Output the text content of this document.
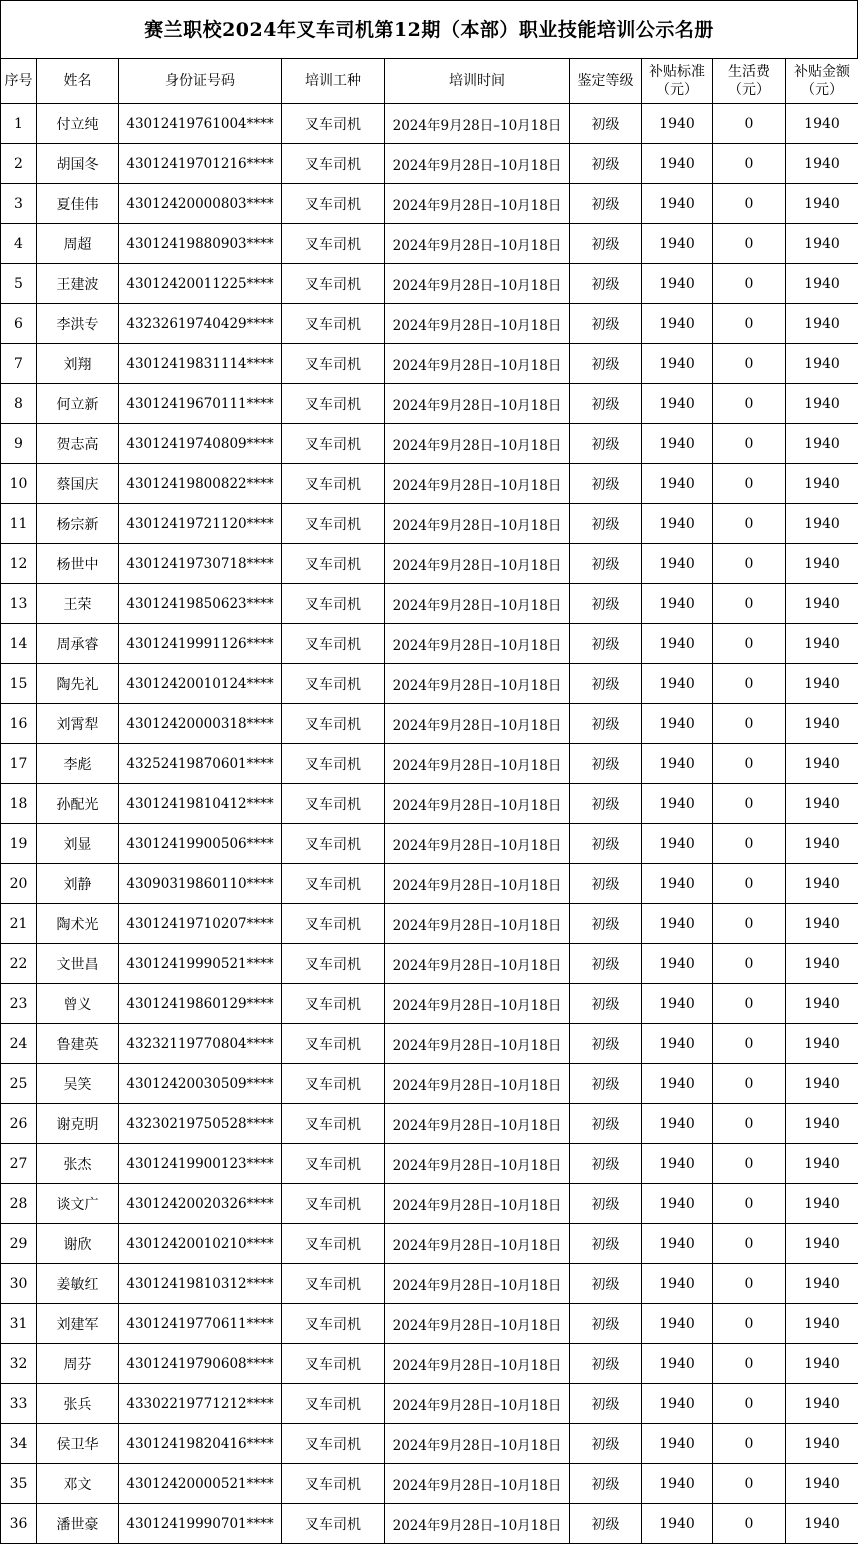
赛兰职校2024年叉车司机第12期（本部）职业技能培训公示名册
序号	姓名	身份证号码	培训工种	培训时间	鉴定等级	补贴标准（元）	生活费（元）	补贴金额（元）
1	付立纯	43012419761004****	叉车司机	2024年9月28日–10月18日	初级	1940	0	1940
2	胡国冬	43012419701216****	叉车司机	2024年9月28日–10月18日	初级	1940	0	1940
3	夏佳伟	43012420000803****	叉车司机	2024年9月28日–10月18日	初级	1940	0	1940
4	周超	43012419880903****	叉车司机	2024年9月28日–10月18日	初级	1940	0	1940
5	王建波	43012420011225****	叉车司机	2024年9月28日–10月18日	初级	1940	0	1940
6	李洪专	43232619740429****	叉车司机	2024年9月28日–10月18日	初级	1940	0	1940
7	刘翔	43012419831114****	叉车司机	2024年9月28日–10月18日	初级	1940	0	1940
8	何立新	43012419670111****	叉车司机	2024年9月28日–10月18日	初级	1940	0	1940
9	贺志高	43012419740809****	叉车司机	2024年9月28日–10月18日	初级	1940	0	1940
10	蔡国庆	43012419800822****	叉车司机	2024年9月28日–10月18日	初级	1940	0	1940
11	杨宗新	43012419721120****	叉车司机	2024年9月28日–10月18日	初级	1940	0	1940
12	杨世中	43012419730718****	叉车司机	2024年9月28日–10月18日	初级	1940	0	1940
13	王荣	43012419850623****	叉车司机	2024年9月28日–10月18日	初级	1940	0	1940
14	周承睿	43012419991126****	叉车司机	2024年9月28日–10月18日	初级	1940	0	1940
15	陶先礼	43012420010124****	叉车司机	2024年9月28日–10月18日	初级	1940	0	1940
16	刘霄犁	43012420000318****	叉车司机	2024年9月28日–10月18日	初级	1940	0	1940
17	李彪	43252419870601****	叉车司机	2024年9月28日–10月18日	初级	1940	0	1940
18	孙配光	43012419810412****	叉车司机	2024年9月28日–10月18日	初级	1940	0	1940
19	刘显	43012419900506****	叉车司机	2024年9月28日–10月18日	初级	1940	0	1940
20	刘静	43090319860110****	叉车司机	2024年9月28日–10月18日	初级	1940	0	1940
21	陶术光	43012419710207****	叉车司机	2024年9月28日–10月18日	初级	1940	0	1940
22	文世昌	43012419990521****	叉车司机	2024年9月28日–10月18日	初级	1940	0	1940
23	曾义	43012419860129****	叉车司机	2024年9月28日–10月18日	初级	1940	0	1940
24	鲁建英	43232119770804****	叉车司机	2024年9月28日–10月18日	初级	1940	0	1940
25	吴笑	43012420030509****	叉车司机	2024年9月28日–10月18日	初级	1940	0	1940
26	谢克明	43230219750528****	叉车司机	2024年9月28日–10月18日	初级	1940	0	1940
27	张杰	43012419900123****	叉车司机	2024年9月28日–10月18日	初级	1940	0	1940
28	谈文广	43012420020326****	叉车司机	2024年9月28日–10月18日	初级	1940	0	1940
29	谢欣	43012420010210****	叉车司机	2024年9月28日–10月18日	初级	1940	0	1940
30	姜敏红	43012419810312****	叉车司机	2024年9月28日–10月18日	初级	1940	0	1940
31	刘建军	43012419770611****	叉车司机	2024年9月28日–10月18日	初级	1940	0	1940
32	周芬	43012419790608****	叉车司机	2024年9月28日–10月18日	初级	1940	0	1940
33	张兵	43302219771212****	叉车司机	2024年9月28日–10月18日	初级	1940	0	1940
34	侯卫华	43012419820416****	叉车司机	2024年9月28日–10月18日	初级	1940	0	1940
35	邓文	43012420000521****	叉车司机	2024年9月28日–10月18日	初级	1940	0	1940
36	潘世豪	43012419990701****	叉车司机	2024年9月28日–10月18日	初级	1940	0	1940
